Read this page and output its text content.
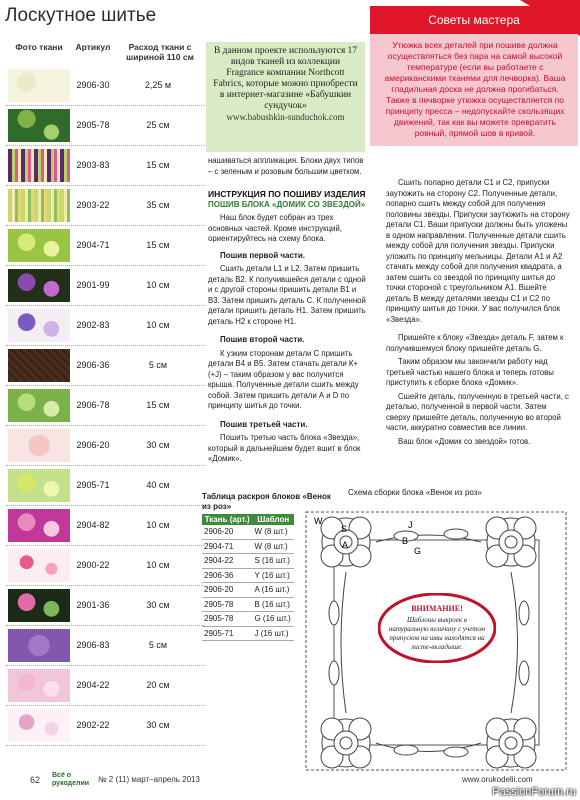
Лоскутное шитье
Фото ткани	Артикул	Расход ткани с шириной 110 см
2906-30	2,25 м
2905-78	25 см
2903-83	15 см
2903-22	35 см
2904-71	15 см
2901-99	10 см
2902-83	10 см
2906-36	5 см
2906-78	15 см
2906-20	30 см
2905-71	40 см
2904-82	10 см
2900-22	10 см
2901-36	30 см
2906-83	5 см
2904-22	20 см
2902-22	30 см
В данном проекте используются 17 видов тканей из коллекции Fragrance компании Northcott Fabrics, которые можно приобрести в интернет-магазине «Бабушкин сундучок»
www.babushkin-sunduchok.com
Советы мастера
Утюжка всех деталей при пошиве должна осуществляться без пара на самой высокой температуре (если вы работаете с американскими тканями для печворка). Ваша гладильная доска не должна прогибаться. Также в печворке утюжка осуществляется по принципу пресса – недопускайте скользящих движений, так как вы можете превратить ровный, прямой шов в кривой.

нашиваться аппликация. Блоки двух типов – с зеленым и розовым большим цветком.

ИНСТРУКЦИЯ ПО ПОШИВУ ИЗДЕЛИЯ
ПОШИВ БЛОКА «ДОМИК СО ЗВЕЗДОЙ»

Наш блок будет собран из трех основных частей. Кроме инструкций, ориентируйтесь на схему блока.

Пошив первой части.

Сшить детали L1 и L2. Затем пришить деталь В2. К получившейся детали с одной и с другой стороны пришить детали В1 и В3. Затем пришить деталь С. К полученной детали пришить деталь Н1. Затем пришить деталь Н2 к стороне Н1.

Пошив второй части.

К узким сторонам детали С пришить детали В4 и В5. Затем стачать детали К+(+J) – таким образом у вас получится крыша. Полученные детали сшить между собой. Затем пришить детали А и D по принципу шитья до точки.

Пошив третьей части.

Пошить третью часть блока «Звезда», который в дальнейшем будет вшит в блок «Домик».

Сшить попарно детали С1 и С2, припуски заутюжить на сторону С2. Полученные детали, попарно сшить между собой для получения половины звезды. Припуски заутюжить на сторону детали С1. Ваши припуски должны быть уложены в одном направлении. Полученные детали сшить между собой для получения звезды. Припуски уложить по принципу мельницы. Детали А1 и А2 стачать между собой для получения квадрата, а затем сшить со звездой по принципу шитья до точки стороной с треугольником А1. Вшейте деталь В между деталями звезды С1 и С2 по принципу шитья до точки. У вас получился блок «Звезда».

Пришейте к блоку «Звезда» деталь F, затем к получившемуся блоку пришейте деталь G.

Таким образом мы закончили работу над третьей частью нашего блока и теперь готовы приступить к сборке блока «Домик».

Сшейте деталь, полученную в третьей части, с деталью, полученной в первой части. Затем сверху пришейте деталь, полученную во второй части, аккуратно совместив все линии.

Ваш блок «Домик со звездой» готов.

Таблица раскроя блоков «Венок из роз»
Ткань (арт.)	Шаблон
2906-20	W (8 шт.)
2904-71	W (8 шт.)
2904-22	S (16 шт.)
2906-36	Y (16 шт.)
2906-20	A (16 шт.)
2905-78	B (16 шт.)
2905-78	G (16 шт.)
2905-71	J (16 шт.)
Схема сборки блока «Венок из роз»
W
S
A
J
B
G
ВНИМАНИЕ!
Шаблоны выкроек в натуральную величину с учетом припусков на швы находятся на листе-вкладыше.
62 Всё о рукоделии	№ 2 (11) март–апрель 2013	www.orukodelii.com
PassionForum.ru
